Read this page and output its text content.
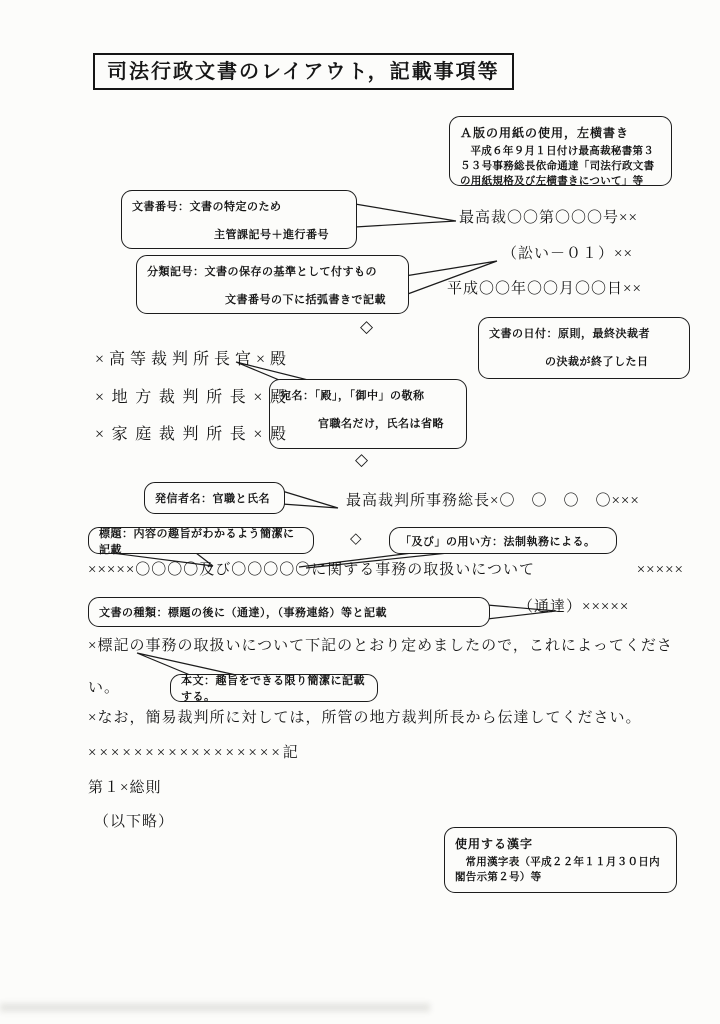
司法行政文書のレイアウト，記載事項等
Ａ版の用紙の使用，左横書き
平成６年９月１日付け最高裁秘書第３５３号事務総長依命通達「司法行政文書の用紙規格及び左横書きについて」等
文書番号：文書の特定のため
主管課記号＋進行番号
分類記号：文書の保存の基準として付すもの
文書番号の下に括弧書きで記載
文書の日付：原則，最終決裁者
の決裁が終了した日
宛名：「殿」，「御中」の敬称
官職名だけ，氏名は省略
発信者名：官職と氏名
標題：内容の趣旨がわかるよう簡潔に記載
「及び」の用い方：法制執務による。
文書の種類：標題の後に（通達），（事務連絡）等と記載
本文：趣旨をできる限り簡潔に記載する。
使用する漢字
常用漢字表（平成２２年１１月３０日内閣告示第２号）等
最高裁〇〇第〇〇〇号××
（訟い－０１）××
平成〇〇年〇〇月〇〇日××
◇
×高等裁判所長官×殿
×地方裁判所長×殿
×家庭裁判所長×殿
◇
最高裁判所事務総長×〇　〇　〇　〇×××
◇
×××××〇〇〇〇及び〇〇〇〇〇に関する事務の取扱いについて	×××××
（通達）×××××
×標記の事務の取扱いについて下記のとおり定めましたので，これによってくださ
い。
×なお，簡易裁判所に対しては，所管の地方裁判所長から伝達してください。
×××××××××××××××××記
第１×総則
（以下略）
